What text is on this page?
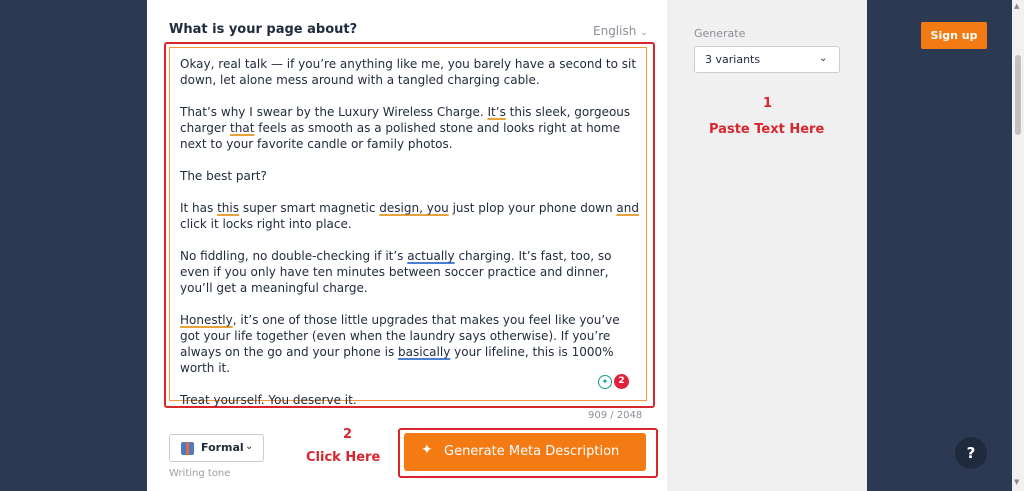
What is your page about?	English ⌄

Okay, real talk — if you’re anything like me, you barely have a second to sit down, let alone mess around with a tangled charging cable.

That’s why I swear by the Luxury Wireless Charge. It’s this sleek, gorgeous charger that feels as smooth as a polished stone and looks right at home next to your favorite candle or family photos.

The best part?

It has this super smart magnetic design, you just plop your phone down and click it locks right into place.

No fiddling, no double-checking if it’s actually charging. It’s fast, too, so even if you only have ten minutes between soccer practice and dinner, you’ll get a meaningful charge.

Honestly, it’s one of those little upgrades that makes you feel like you’ve got your life together (even when the laundry says otherwise). If you’re always on the go and your phone is basically your lifeline, this is 1000% worth it.

Treat yourself. You deserve it.

✦	2
909 / 2048
Formal ⌄
Writing tone
2
Click Here	✦ Generate Meta Description
Generate
3 variants	⌄
1
Paste Text Here
Sign up
?
▲
▼
